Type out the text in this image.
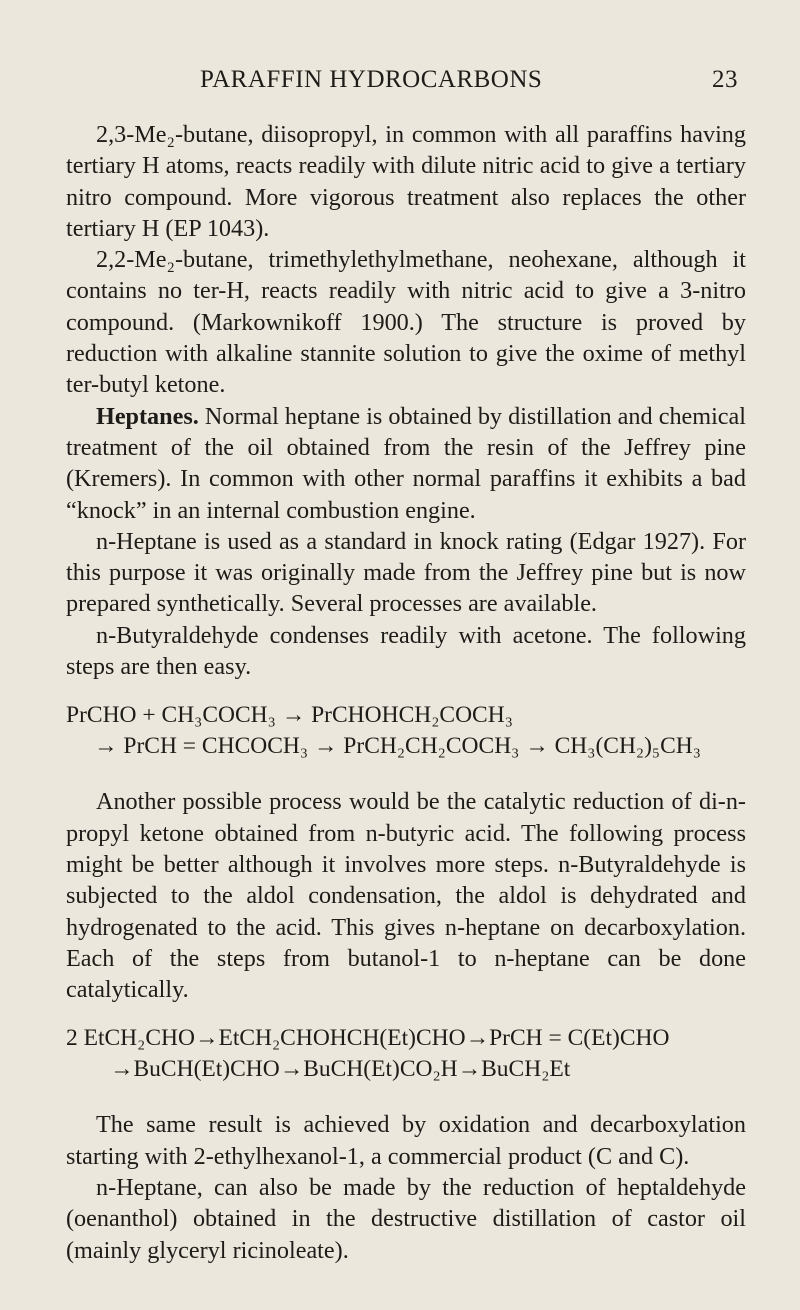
PARAFFIN HYDROCARBONS	23

2,3-Me₂-butane, diisopropyl, in common with all paraffins having tertiary H atoms, reacts readily with dilute nitric acid to give a tertiary nitro compound. More vigorous treatment also replaces the other tertiary H (EP 1043).

2,2-Me₂-butane, trimethylethylmethane, neohexane, although it contains no ter-H, reacts readily with nitric acid to give a 3-nitro compound. (Markownikoff 1900.) The structure is proved by reduction with alkaline stannite solution to give the oxime of methyl ter-butyl ketone.

Heptanes. Normal heptane is obtained by distillation and chemical treatment of the oil obtained from the resin of the Jeffrey pine (Kremers). In common with other normal paraffins it exhibits a bad “knock” in an internal combustion engine.

n-Heptane is used as a standard in knock rating (Edgar 1927). For this purpose it was originally made from the Jeffrey pine but is now prepared synthetically. Several processes are available.

n-Butyraldehyde condenses readily with acetone. The following steps are then easy.

PrCHO + CH₃COCH₃ → PrCHOHCH₂COCH₃
→ PrCH = CHCOCH₃ → PrCH₂CH₂COCH₃ → CH₃(CH₂)₅CH₃

Another possible process would be the catalytic reduction of di-n-propyl ketone obtained from n-butyric acid. The following process might be better although it involves more steps. n-Butyraldehyde is subjected to the aldol condensation, the aldol is dehydrated and hydrogenated to the acid. This gives n-heptane on decarboxylation. Each of the steps from butanol-1 to n-heptane can be done catalytically.

2 EtCH₂CHO→EtCH₂CHOHCH(Et)CHO→PrCH = C(Et)CHO
→BuCH(Et)CHO→BuCH(Et)CO₂H→BuCH₂Et

The same result is achieved by oxidation and decarboxylation starting with 2-ethylhexanol-1, a commercial product (C and C).

n-Heptane, can also be made by the reduction of heptaldehyde (oenanthol) obtained in the destructive distillation of castor oil (mainly glyceryl ricinoleate).
